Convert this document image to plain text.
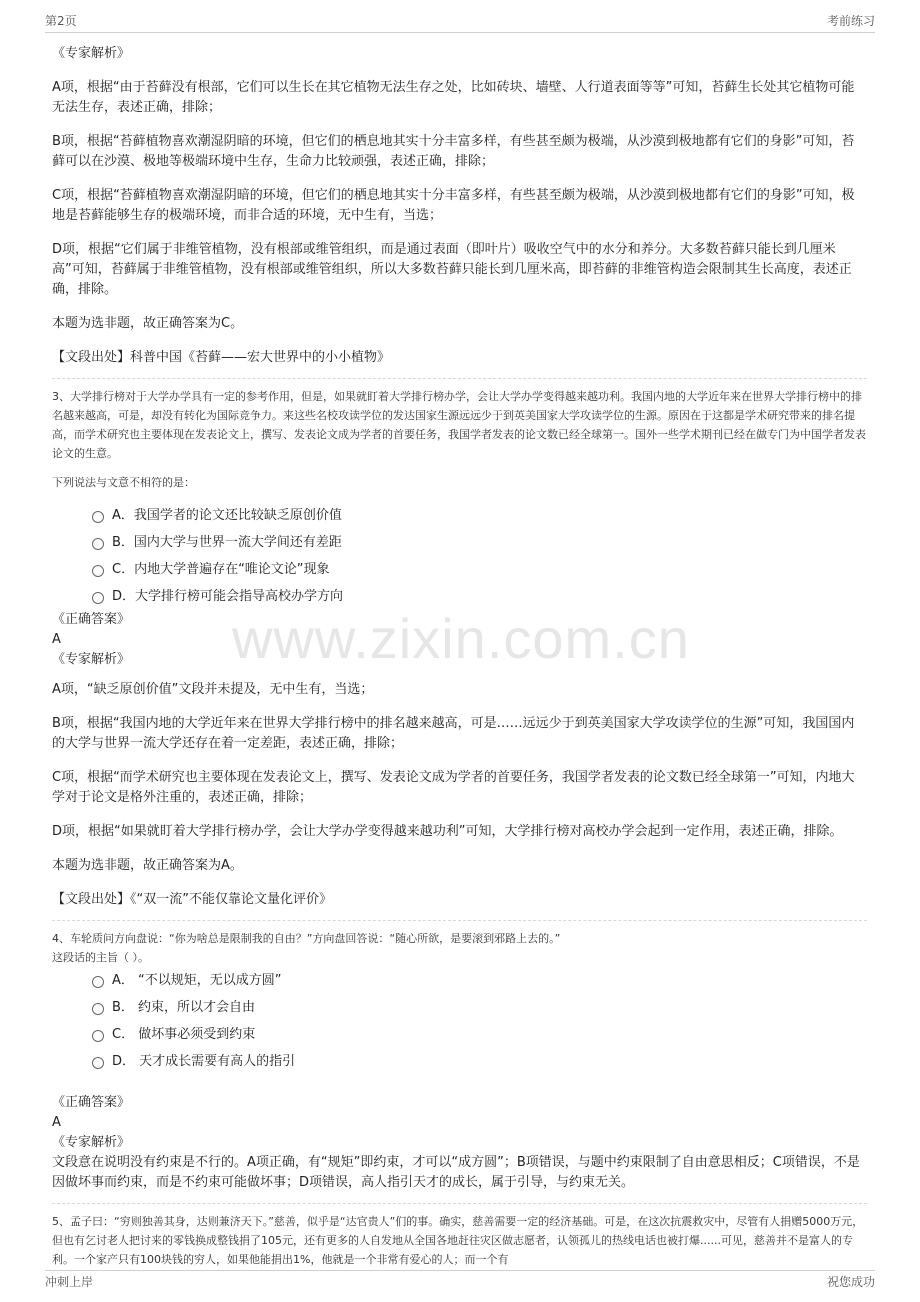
第2页	考前练习
www.zixin.com.cn

《专家解析》

A项，根据“由于苔藓没有根部，它们可以生长在其它植物无法生存之处，比如砖块、墙壁、人行道表面等等”可知，苔藓生长处其它植物可能无法生存，表述正确，排除；

B项，根据“苔藓植物喜欢潮湿阴暗的环境，但它们的栖息地其实十分丰富多样，有些甚至颇为极端，从沙漠到极地都有它们的身影”可知，苔藓可以在沙漠、极地等极端环境中生存，生命力比较顽强，表述正确，排除；

C项，根据“苔藓植物喜欢潮湿阴暗的环境，但它们的栖息地其实十分丰富多样，有些甚至颇为极端，从沙漠到极地都有它们的身影”可知，极地是苔藓能够生存的极端环境，而非合适的环境，无中生有，当选；

D项，根据“它们属于非维管植物，没有根部或维管组织，而是通过表面（即叶片）吸收空气中的水分和养分。大多数苔藓只能长到几厘米高”可知，苔藓属于非维管植物，没有根部或维管组织，所以大多数苔藓只能长到几厘米高，即苔藓的非维管构造会限制其生长高度，表述正确，排除。

本题为选非题，故正确答案为C。

【文段出处】科普中国《苔藓——宏大世界中的小小植物》

3、大学排行榜对于大学办学具有一定的参考作用，但是，如果就盯着大学排行榜办学，会让大学办学变得越来越功利。我国内地的大学近年来在世界大学排行榜中的排名越来越高，可是，却没有转化为国际竞争力。来这些名校攻读学位的发达国家生源远远少于到英美国家大学攻读学位的生源。原因在于这都是学术研究带来的排名提高，而学术研究也主要体现在发表论文上，撰写、发表论文成为学者的首要任务，我国学者发表的论文数已经全球第一。国外一些学术期刊已经在做专门为中国学者发表论文的生意。

下列说法与文意不相符的是：

A．我国学者的论文还比较缺乏原创价值
B．国内大学与世界一流大学间还有差距
C．内地大学普遍存在“唯论文论”现象
D．大学排行榜可能会指导高校办学方向

《正确答案》

A

《专家解析》

A项，“缺乏原创价值”文段并未提及，无中生有，当选；

B项，根据“我国内地的大学近年来在世界大学排行榜中的排名越来越高，可是……远远少于到英美国家大学攻读学位的生源”可知，我国国内的大学与世界一流大学还存在着一定差距，表述正确，排除；

C项，根据“而学术研究也主要体现在发表论文上，撰写、发表论文成为学者的首要任务，我国学者发表的论文数已经全球第一”可知，内地大学对于论文是格外注重的，表述正确，排除；

D项，根据“如果就盯着大学排行榜办学，会让大学办学变得越来越功利”可知，大学排行榜对高校办学会起到一定作用，表述正确，排除。

本题为选非题，故正确答案为A。

【文段出处】《“双一流”不能仅靠论文量化评价》

4、车轮质问方向盘说：“你为啥总是限制我的自由？”方向盘回答说：“随心所欲，是要滚到邪路上去的。”

这段话的主旨（ ）。

A． “不以规矩，无以成方圆”
B． 约束，所以才会自由
C． 做坏事必须受到约束
D． 天才成长需要有高人的指引

《正确答案》

A

《专家解析》

文段意在说明没有约束是不行的。A项正确，有“规矩”即约束，才可以“成方圆”；B项错误，与题中约束限制了自由意思相反；C项错误，不是因做坏事而约束，而是不约束可能做坏事；D项错误，高人指引天才的成长，属于引导，与约束无关。

5、孟子曰：“穷则独善其身，达则兼济天下。”慈善，似乎是“达官贵人”们的事。确实，慈善需要一定的经济基础。可是，在这次抗震救灾中，尽管有人捐赠5000万元，但也有乞讨老人把讨来的零钱换成整钱捐了105元，还有更多的人自发地从全国各地赶往灾区做志愿者，认领孤儿的热线电话也被打爆......可见，慈善并不是富人的专利。一个家产只有100块钱的穷人，如果他能捐出1%，他就是一个非常有爱心的人；而一个有

冲刺上岸	祝您成功
